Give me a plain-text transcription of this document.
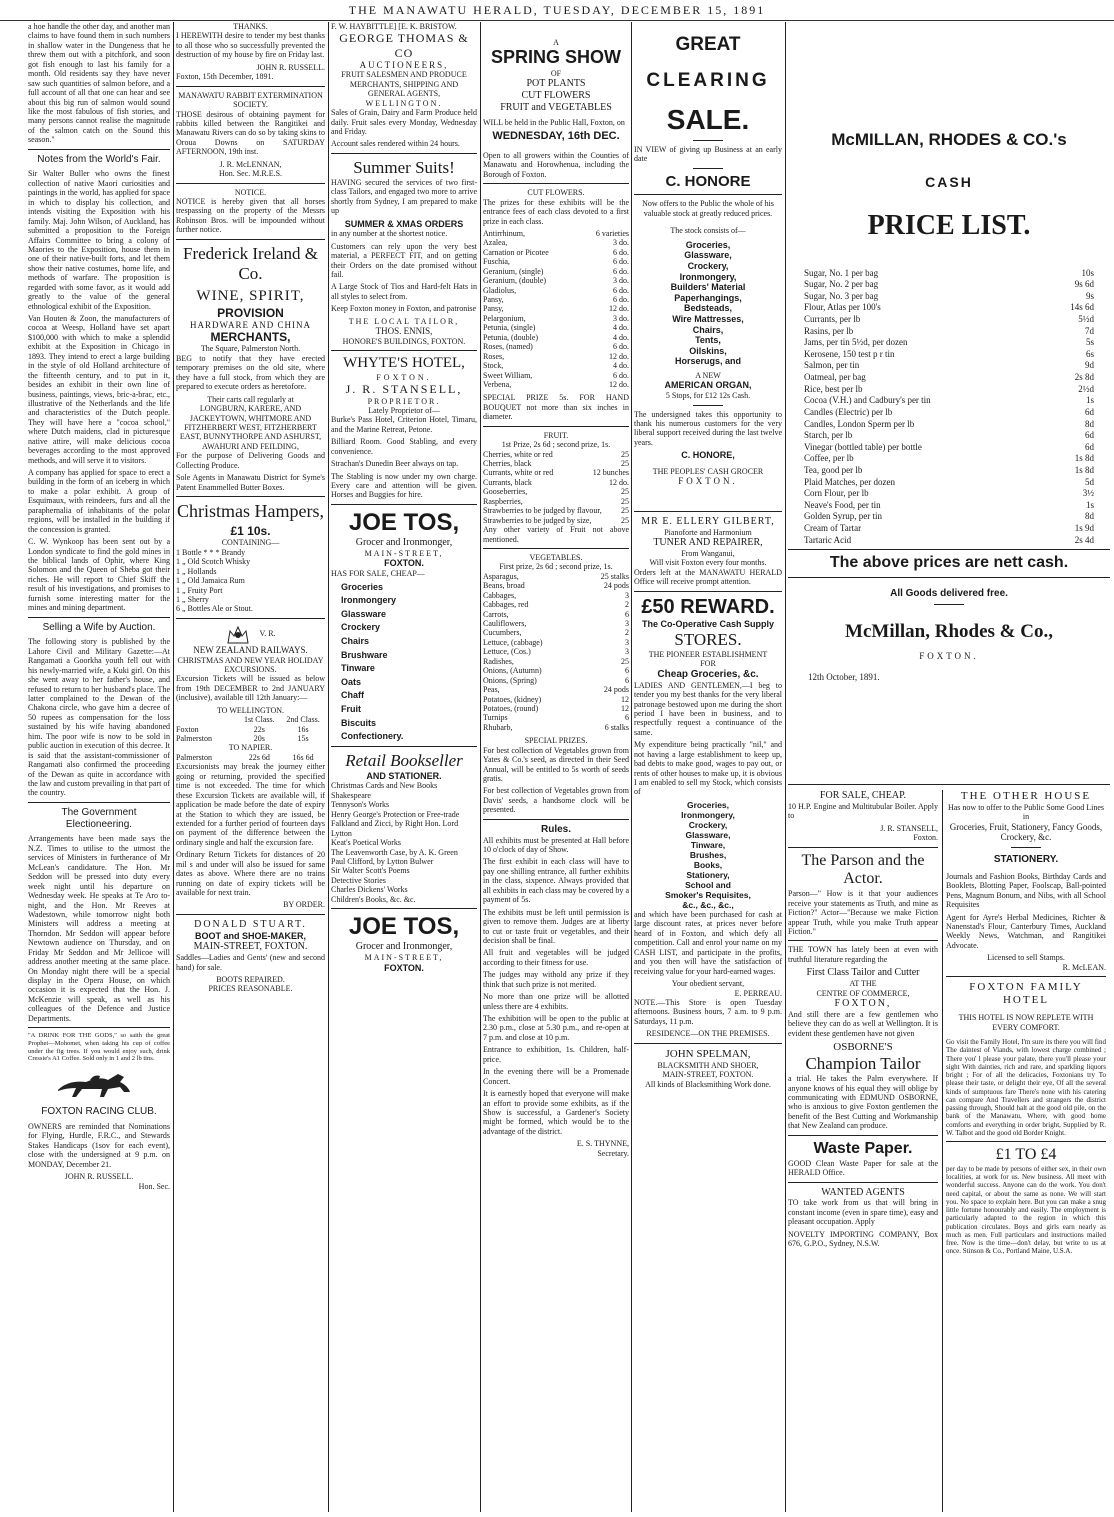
THE MANAWATU HERALD, TUESDAY, DECEMBER 15, 1891

a hoe handle the other day, and another man claims to have found them in such numbers in shallow water in the Dungeness that he threw them out with a pitchfork, and soon got fish enough to last his family for a month. Old residents say they have never saw such quantities of salmon before, and a full account of all that one can hear and see about this big run of salmon would sound like the most fabulous of fish stories, and many persons cannot realise the magnitude of the salmon catch on the Sound this season."

Notes from the World's Fair.

Sir Walter Buller who owns the finest collection of native Maori curiosities and paintings in the world, has applied for space in which to display his collection, and intends visiting the Exposition with his family. Maj. John Wilson, of Auckland, has submitted a proposition to the Foreign Affairs Committee to bring a colony of Maories to the Exposition, house them in one of their native-built forts, and let them show their native costumes, home life, and methods of warfare. The proposition is regarded with some favor, as it would add greatly to the value of the general ethnological exhibit of the Exposition.

Van Houten & Zoon, the manufacturers of cocoa at Weesp, Holland have set apart $100,000 with which to make a splendid exhibit at the Exposition in Chicago in 1893. They intend to erect a large building in the style of old Holland architecture of the fifteenth century, and to put in it, besides an exhibit in their own line of business, paintings, views, bric-a-brac, etc., illustrative of the Netherlands and the life and characteristics of the Dutch people. They will have here a "cocoa school," where Dutch maidens, clad in picturesque native attire, will make delicious cocoa beverages according to the most approved methods, and will serve it to visitors.

A company has applied for space to erect a building in the form of an iceberg in which to make a polar exhibit. A group of Esquimaux, with reindeers, furs and all the paraphernalia of inhabitants of the polar regions, will be installed in the building if the concession is granted.

C. W. Wynkoop has been sent out by a London syndicate to find the gold mines in the biblical lands of Ophir, where King Solomon and the Queen of Sheba got their riches. He will report to Chief Skiff the result of his investigations, and promises to furnish some interesting matter for the mines and mining department.

Selling a Wife by Auction.

The following story is published by the Lahore Civil and Military Gazette:—At Rangamati a Goorkha youth fell out with his newly-married wife, a Kuki girl. On this she went away to her father's house, and refused to return to her husband's place. The latter complained to the Dewan of the Chakona circle, who gave him a decree of 50 rupees as compensation for the loss sustained by his wife having abandoned him. The poor wife is now to be sold in public auction in execution of this decree. It is said that the assistant-commissioner of Rangamati also confirmed the proceeding of the Dewan as quite in accordance with the law and custom prevailing in that part of the country.

The Government Electioneering.

Arrangements have been made says the N.Z. Times to utilise to the utmost the services of Ministers in furtherance of Mr McLean's candidature. The Hon. Mr Seddon will be pressed into duty every week night until his departure on Wednesday week. He speaks at Te Aro to-night, and the Hon. Mr Reeves at Wadestown, while tomorrow night both Ministers will address a meeting at Thorndon. Mr Seddon will appear before Newtown audience on Thursday, and on Friday Mr Seddon and Mr Jellicoe will address another meeting at the same place. On Monday night there will be a special display in the Opera House, on which occasion it is expected that the Hon. J. McKenzie will speak, as well as his colleagues of the Defence and Justice Departments.

"A DRINK FOR THE GODS," so saith the great Prophet—Mohomet, when taking his cup of coffee under the fig trees. If you would enjoy such, drink Cressie's A1 Coffee. Sold only in 1 and 2 lb tins.

FOXTON RACING CLUB.

OWNERS are reminded that Nominations for Flying, Hurdle, F.R.C., and Stewards Stakes Handicaps (1sov for each event), close with the undersigned at 9 p.m. on MONDAY, December 21.

JOHN R. RUSSELL.
Hon. Sec.
THANKS.

I HEREWITH desire to tender my best thanks to all those who so successfully prevented the destruction of my house by fire on Friday last.

JOHN R. RUSSELL.
Foxton, 15th December, 1891.
MANAWATU RABBIT EXTERMINATION SOCIETY.

THOSE desirous of obtaining payment for rabbits killed between the Rangitikei and Manawatu Rivers can do so by taking skins to Oroua Downs on SATURDAY AFTERNOON, 19th inst.

J. R. McLENNAN,
Hon. Sec. M.R.E.S.
NOTICE.

NOTICE is hereby given that all horses trespassing on the property of the Messrs Robinson Bros. will be impounded without further notice.

Frederick Ireland & Co.
WINE, SPIRIT,
PROVISION
HARDWARE AND CHINA
MERCHANTS,
The Square, Palmerston North.

BEG to notify that they have erected temporary premises on the old site, where they have a full stock, from which they are prepared to execute orders as heretofore.

Their carts call regularly at
LONGBURN, KARERE, AND JACKEYTOWN, WHITMORE AND FITZHERBERT WEST, FITZHERBERT EAST, BUNNYTHORPE AND ASHURST, AWAHURI AND FEILDING,

For the purpose of Delivering Goods and Collecting Produce.

Sole Agents in Manawatu District for Syme's Patent Enammelled Butter Boxes.

Christmas Hampers,
£1 10s.
CONTAINING—
1 Bottle * * * Brandy
1 „ Old Scotch Whisky
1 „ Hollands
1 „ Old Jamaica Rum
1 „ Fruity Port
1 „ Sherry
6 „ Bottles Ale or Stout.
V. R.
NEW ZEALAND RAILWAYS.
CHRISTMAS AND NEW YEAR HOLIDAY EXCURSIONS.

Excursion Tickets will be issued as below from 19th DECEMBER to 2nd JANUARY (inclusive), available till 12th January:—

TO WELLINGTON.
1st Class.	2nd Class.
Foxton	22s	16s
Palmerston	20s	15s
TO NAPIER.
Palmerston	22s 6d	16s 6d

Excursionists may break the journey either going or returning, provided the specified time is not exceeded. The time for which these Excursion Tickets are available will, if application be made before the date of expiry at the Station to which they are issued, be extended for a further period of fourteen days on payment of the difference between the ordinary single and half the excursion fare.

Ordinary Return Tickets for distances of 20 mil s and under will also be issued for same dates as above. Where there are no trains running on date of expiry tickets will be available for next train.

BY ORDER.
DONALD STUART.
BOOT and SHOE-MAKER,
MAIN-STREET, FOXTON.

Saddles—Ladies and Gents' (new and second hand) for sale.

BOOTS REPAIRED.
PRICES REASONABLE.
F. W. HAYBITTLE] [E. K. BRISTOW.
GEORGE THOMAS & CO
AUCTIONEERS,
FRUIT SALESMEN AND PRODUCE MERCHANTS, SHIPPING AND GENERAL AGENTS,
WELLINGTON.

Sales of Grain, Dairy and Farm Produce held daily. Fruit sales every Monday, Wednesday and Friday.

Account sales rendered within 24 hours.

Summer Suits!

HAVING secured the services of two first-class Tailors, and engaged two more to arrive shortly from Sydney, I am prepared to make up

SUMMER & XMAS ORDERS

in any number at the shortest notice.

Customers can rely upon the very best material, a PERFECT FIT, and on getting their Orders on the date promised without fail.

A Large Stock of Tios and Hard-felt Hats in all styles to select from.

Keep Foxton money in Foxton, and patronise

THE LOCAL TAILOR,
THOS. ENNIS,
HONORE'S BUILDINGS, FOXTON.
WHYTE'S HOTEL,
FOXTON.
J. R. STANSELL,
PROPRIETOR.
Lately Proprietor of—

Burke's Pass Hotel, Criterion Hotel, Timaru, and the Marine Retreat, Petone.

Billiard Room. Good Stabling, and every convenience.

Strachan's Dunedin Beer always on tap.

The Stabling is now under my own charge. Every care and attention will be given. Horses and Buggies for hire.

JOE TOS,
Grocer and Ironmonger,
MAIN-STREET,
FOXTON.
HAS FOR SALE, CHEAP—
Groceries
Ironmongery
Glassware
Crockery
Chairs
Brushware
Tinware
Oats
Chaff
Fruit
Biscuits
Confectionery.
Retail Bookseller
AND STATIONER.
Christmas Cards and New Books
Shakespeare
Tennyson's Works
Henry George's Protection or Free-trade
Falkland and Zicci, by Right Hon. Lord Lytton
Keat's Poetical Works
The Leavenworth Case, by A. K. Green
Paul Clifford, by Lytton Bulwer
Sir Walter Scott's Poems
Detective Stories
Charles Dickens' Works
Children's Books, &c. &c.
JOE TOS,
Grocer and Ironmonger,
MAIN-STREET,
FOXTON.
A
SPRING SHOW
OF
POT PLANTS
CUT FLOWERS
FRUIT and VEGETABLES

WILL be held in the Public Hall, Foxton, on

WEDNESDAY, 16th DEC.

Open to all growers within the Counties of Manawatu and Horowhenua, including the Borough of Foxton.

CUT FLOWERS.

The prizes for these exhibits will be the entrance fees of each class devoted to a first prize in each class.

Antirrhinum,	6 varieties
Azalea,	3 do.
Carnation or Picotee	6 do.
Fuschia,	6 do.
Geranium, (single)	6 do.
Geranium, (double)	3 do.
Gladiolus,	6 do.
Pansy,	6 do.
Pansy,	12 do.
Pelargonium,	3 do.
Petunia, (single)	4 do.
Petunia, (double)	4 do.
Roses, (named)	6 do.
Roses,	12 do.
Stock,	4 do.
Sweet William,	6 do.
Verbena,	12 do.

SPECIAL PRIZE 5s. FOR HAND BOUQUET not more than six inches in diameter.

FRUIT.
1st Prize, 2s 6d ; second prize, 1s.
Cherries, white or red	25
Cherries, black	25
Currants, white or red	12 bunches
Currants, black	12 do.
Gooseberries,	25
Raspberries,	25
Strawberries to be judged by flavour, 25
Strawberries to be judged by size,	25

Any other variety of Fruit not above mentioned.

VEGETABLES.
First prize, 2s 6d ; second prize, 1s.
Asparagus,	25 stalks
Beans, broad	24 pods
Cabbages,	3
Cabbages, red	2
Carrots,	6
Cauliflowers,	3
Cucumbers,	2
Lettuce, (cabbage)	3
Lettuce, (Cos.)	3
Radishes,	25
Onions, (Autumn)	6
Onions, (Spring)	6
Peas,	24 pods
Potatoes, (kidney)	12
Potatoes, (round)	12
Turnips	6
Rhubarb,	6 stalks
SPECIAL PRIZES.

For best collection of Vegetables grown from Yates & Co.'s seed, as directed in their Seed Annual, will be entitled to 5s worth of seeds gratis.

For best collection of Vegetables grown from Davis' seeds, a handsome clock will be presented.

Rules.

All exhibits must be presented at Hall before 10 o'clock of day of Show.

The first exhibit in each class will have to pay one shilling entrance, all further exhibits in the class, sixpence. Always provided that all exhibits in each class may be covered by a payment of 5s.

The exhibits must be left until permission is given to remove them. Judges are at liberty to cut or taste fruit or vegetables, and their decision shall be final.

All fruit and vegetables will be judged according to their fitness for use.

The judges may withold any prize if they think that such prize is not merited.

No more than one prize will be allotted unless there are 4 exhibits.

The exhibition will be open to the public at 2.30 p.m., close at 5.30 p.m., and re-open at 7 p.m. and close at 10 p.m.

Entrance to exhibition, 1s. Children, half-price.

In the evening there will be a Promenade Concert.

It is earnestly hoped that everyone will make an effort to provide some exhibits, as if the Show is successful, a Gardener's Society might be formed, which would be to the advantage of the district.

E. S. THYNNE,
Secretary.
GREAT
CLEARING
SALE.

IN VIEW of giving up Business at an early date

C. HONORE
Now offers to the Public the whole of his valuable stock at greatly reduced prices.
The stock consists of—
Groceries,
Glassware,
Crockery,
Ironmongery,
Builders' Material
Paperhangings,
Bedsteads,
Wire Mattresses,
Chairs,
Tents,
Oilskins,
Horserugs, and
A NEW
AMERICAN ORGAN,
5 Stops, for £12 12s Cash.

The undersigned takes this opportunity to thank his numerous customers for the very liberal support received during the last twelve years.

C. HONORE,
THE PEOPLES' CASH GROCER
FOXTON.
MR E. ELLERY GILBERT,
Pianoforte and Harmonium
TUNER AND REPAIRER,
From Wanganui,
Will visit Foxton every four months.

Orders left at the MANAWATU HERALD Office will receive prompt attention.

£50 REWARD.
The Co-Operative Cash Supply
STORES.
THE PIONEER ESTABLISHMENT
FOR
Cheap Groceries, &c.

LADIES AND GENTLEMEN,—I beg to tender you my best thanks for the very liberal patronage bestowed upon me during the short period I have been in business, and to respectfully request a continuance of the same.

My expenditure being practically "nil," and not having a large establishment to keep up, bad debts to make good, wages to pay out, or rents of other houses to make up, it is obvious I am enabled to sell my Stock, which consists of

Groceries,
Ironmongery,
Crockery,
Glassware,
Tinware,
Brushes,
Books,
Stationery,
School and
Smoker's Requisites,
&c., &c., &c.,

and which have been purchased for cash at large discount rates, at prices never before heard of in Foxton, and which defy all competition. Call and enrol your name on my CASH LIST, and participate in the profits, and you then will have the satisfaction of receiving value for your hard-earned wages.

Your obedient servant,
E. PERREAU.

NOTE.—This Store is open Tuesday afternoons. Business hours, 7 a.m. to 9 p.m. Saturdays, 11 p.m.

RESIDENCE—ON THE PREMISES.
JOHN SPELMAN,
BLACKSMITH AND SHOER,
MAIN-STREET, FOXTON.
All kinds of Blacksmithing Work done.
McMILLAN, RHODES & CO.'s
CASH
PRICE LIST.
Sugar, No. 1 per bag	10s
Sugar, No. 2 per bag	9s 6d
Sugar, No. 3 per bag	9s
Flour, Atlas per 100's	14s 6d
Currants, per lb	5½d
Rasins, per lb	7d
Jams, per tin 5½d, per dozen	5s
Kerosene, 150 test p r tin	6s
Salmon, per tin	9d
Oatmeal, per bag	2s 8d
Rice, best per lb	2½d
Cocoa (V.H.) and Cadbury's per tin	1s
Candles (Electric) per lb	6d
Candles, London Sperm per lb	8d
Starch, per lb	6d
Vinegar (bottled table) per bottle	6d
Coffee, per lb	1s 8d
Tea, good per lb	1s 8d
Plaid Matches, per dozen	5d
Corn Flour, per lb	3½
Neave's Food, per tin	1s
Golden Syrup, per tin	8d
Cream of Tartar	1s 9d
Tartaric Acid	2s 4d
The above prices are nett cash.
All Goods delivered free.
McMillan, Rhodes & Co.,
FOXTON.
12th October, 1891.
FOR SALE, CHEAP.

10 H.P. Engine and Multitubular Boiler. Apply to

J. R. STANSELL,
Foxton.
The Parson and the Actor.

Parson—" How is it that your audiences receive your statements as Truth, and mine as Fiction?" Actor—"Because we make Fiction appear Truth, while you make Truth appear Fiction."

THE TOWN has lately been at even with truthful literature regarding the

First Class Tailor and Cutter
AT THE
CENTRE OF COMMERCE,
FOXTON,

And still there are a few gentlemen who believe they can do as well at Wellington. It is evident these gentlemen have not given

OSBORNE'S
Champion Tailor

a trial. He takes the Palm everywhere. If anyone knows of his equal they will oblige by communicating with EDMUND OSBORNE, who is anxious to give Foxton gentlemen the benefit of the Best Cutting and Workmanship that New Zealand can produce.

Waste Paper.

GOOD Clean Waste Paper for sale at the HERALD Office.

WANTED AGENTS

TO take work from us that will bring in constant income (even in spare time), easy and pleasant occupation. Apply

NOVELTY IMPORTING COMPANY, Box 676, G.P.O., Sydney, N.S.W.

THE OTHER HOUSE
Has now to offer to the Public Some Good Lines in
Groceries, Fruit, Stationery, Fancy Goods, Crockery, &c.
STATIONERY.

Journals and Fashion Books, Birthday Cards and Booklets, Blotting Paper, Foolscap, Ball-pointed Pens, Magnum Bonum, and Nibs, with all School Requisites

Agent for Ayre's Herbal Medicines, Richter & Nanenstad's Flour, Canterbury Times, Auckland Weekly News, Watchman, and Rangitikei Advocate.

Licensed to sell Stamps.
R. McLEAN.
FOXTON FAMILY HOTEL
THIS HOTEL IS NOW REPLETE WITH EVERY COMFORT.

Go visit the Family Hotel, I'm sure its there you will find The daintest of Viands, with lowest charge combined ; There you' l please your palate, there you'll please your sight With dainties, rich and rare, and sparkling liquors bright ; For of all the delicacies, Foxtonians try To please their taste, or delight their eye, Of all the several kinds of sumptuous fare There's none with his catering can compare And Travellers and strangers the district passing through, Should halt at the good old pile, on the bank of the Manawatu, Where, with good home comforts and everything in order bright, Supplied by R. W. Talbot and the good old Border Knight.

£1 TO £4

per day to be made by persons of either sex, in their own localities, at work for us. New business. All meet with wonderful success. Anyone can do the work. You don't need capital, or about the same as none. We will start you. No space to explain here. But you can make a snug little fortune honourably and easily. The employment is particularly adapted to the region in which this publication circulates. Boys and girls earn nearly as much as men. Full particulars and instructions mailed free. Now is the time—don't delay, but write to us at once. Stinson & Co., Portland Maine, U.S.A.
